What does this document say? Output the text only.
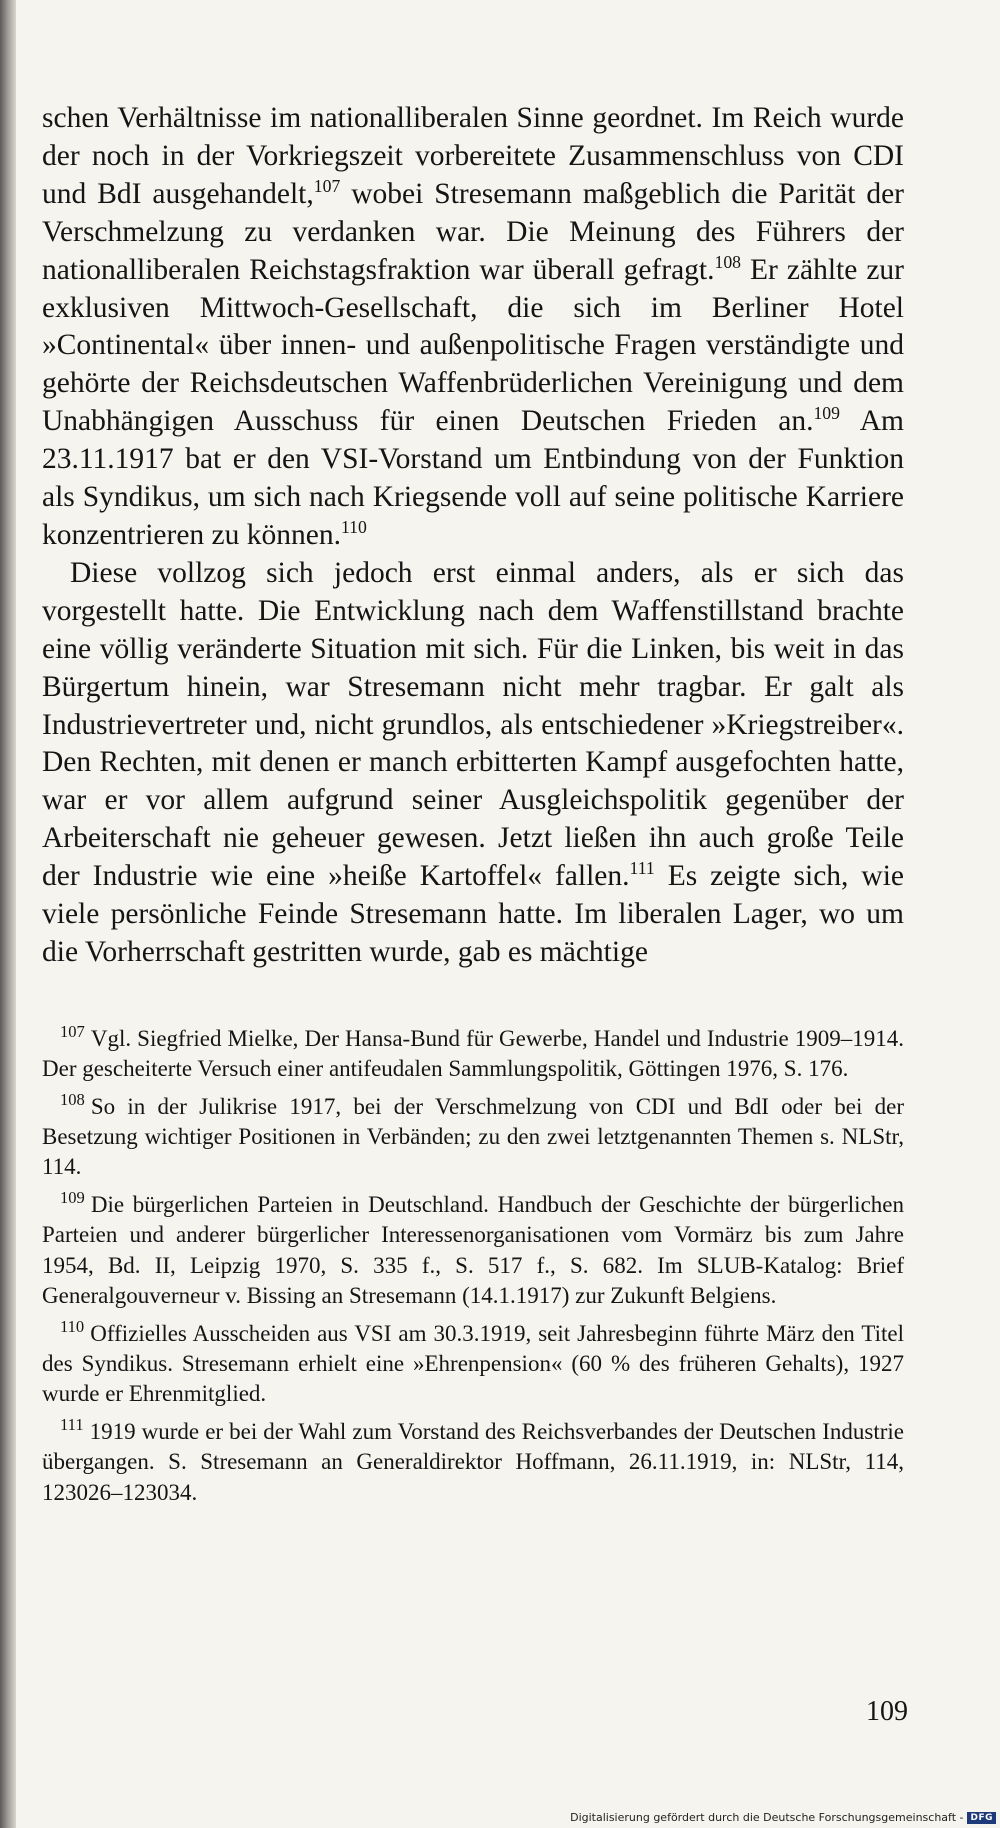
schen Verhältnisse im nationalliberalen Sinne geordnet. Im Reich wurde der noch in der Vorkriegszeit vorbereitete Zusammenschluss von CDI und BdI ausgehandelt,$^{107}$ wobei Stresemann maßgeblich die Parität der Verschmelzung zu verdanken war. Die Meinung des Führers der nationalliberalen Reichstagsfraktion war überall gefragt.$^{108}$ Er zählte zur exklusiven Mittwoch-Gesellschaft, die sich im Berliner Hotel »Continental« über innen- und außenpolitische Fragen verständigte und gehörte der Reichsdeutschen Waffenbrüderlichen Vereinigung und dem Unabhängigen Ausschuss für einen Deutschen Frieden an.$^{109}$ Am 23.11.1917 bat er den VSI-Vorstand um Entbindung von der Funktion als Syndikus, um sich nach Kriegsende voll auf seine politische Karriere konzentrieren zu können.$^{110}$

Diese vollzog sich jedoch erst einmal anders, als er sich das vorgestellt hatte. Die Entwicklung nach dem Waffenstillstand brachte eine völlig veränderte Situation mit sich. Für die Linken, bis weit in das Bürgertum hinein, war Stresemann nicht mehr tragbar. Er galt als Industrievertreter und, nicht grundlos, als entschiedener »Kriegstreiber«. Den Rechten, mit denen er manch erbitterten Kampf ausgefochten hatte, war er vor allem aufgrund seiner Ausgleichspolitik gegenüber der Arbeiterschaft nie geheuer gewesen. Jetzt ließen ihn auch große Teile der Industrie wie eine »heiße Kartoffel« fallen.$^{111}$ Es zeigte sich, wie viele persönliche Feinde Stresemann hatte. Im liberalen Lager, wo um die Vorherrschaft gestritten wurde, gab es mächtige

$^{107}$ Vgl. Siegfried Mielke, Der Hansa-Bund für Gewerbe, Handel und Industrie 1909–1914. Der gescheiterte Versuch einer antifeudalen Sammlungspolitik, Göttingen 1976, S. 176.

$^{108}$ So in der Julikrise 1917, bei der Verschmelzung von CDI und BdI oder bei der Besetzung wichtiger Positionen in Verbänden; zu den zwei letztgenannten Themen s. NLStr, 114.

$^{109}$ Die bürgerlichen Parteien in Deutschland. Handbuch der Geschichte der bürgerlichen Parteien und anderer bürgerlicher Interessenorganisationen vom Vormärz bis zum Jahre 1954, Bd. II, Leipzig 1970, S. 335 f., S. 517 f., S. 682. Im SLUB-Katalog: Brief Generalgouverneur v. Bissing an Stresemann (14.1.1917) zur Zukunft Belgiens.

$^{110}$ Offizielles Ausscheiden aus VSI am 30.3.1919, seit Jahresbeginn führte März den Titel des Syndikus. Stresemann erhielt eine »Ehrenpension« (60 % des früheren Gehalts), 1927 wurde er Ehrenmitglied.

$^{111}$ 1919 wurde er bei der Wahl zum Vorstand des Reichsverbandes der Deutschen Industrie übergangen. S. Stresemann an Generaldirektor Hoffmann, 26.11.1919, in: NLStr, 114, 123026–123034.

109
Digitalisierung gefördert durch die Deutsche Forschungsgemeinschaft - DFG
